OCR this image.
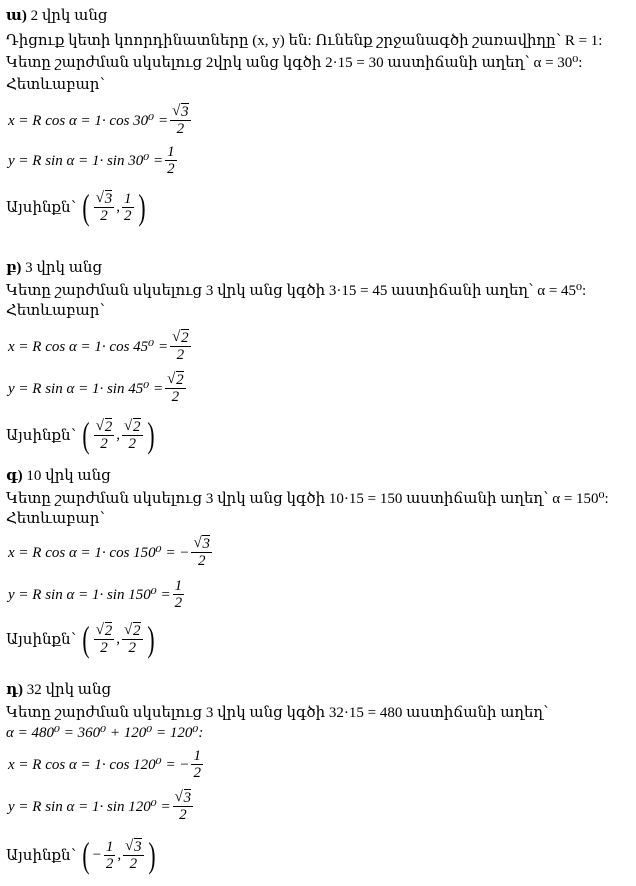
ա) 2 վրկ անց
Դիցուք կետի կոորդինատները (x, y) են: Ունենք շրջանագծի շառավիղը՝ R = 1:
Կետը շարժման սկսելուց 2վրկ անց կգծի 2·15 = 30 աստիճանի աղեղ՝ α = 30⁰:
Հետևաբար՝
x = R cos α = 1· cos 30⁰ = √ $\frac{3}{2}$
y = R $\sin \alpha = 1\cdot \sin 30^0 = \frac{1}{2}$
Այսինքն՝
( √ $\frac{3}{2}$ , $\frac{1}{2}$ )
բ) 3 վրկ անց
Կետը շարժման սկսելուց 3 վրկ անց կգծի 3·15 = 45 աստիճանի աղեղ՝ α = 45⁰:
Հետևաբար՝
x = R cos α = 1· cos 45⁰ = √ $\frac{2}{2}$
y = R sin α = 1· sin 45⁰ = √ $\frac{2}{2}$
Այսինքն՝
( √ $\frac{2}{2}$ , √ $\frac{2}{2}$ )
գ) 10 վրկ անց
Կետը շարժման սկսելուց 3 վրկ անց կգծի 10·15 = 150 աստիճանի աղեղ՝ α = 150⁰:
Հետևաբար՝
x = R cos α = 1· cos 150⁰ = − √ $\frac{3}{2}$
y = R $\sin \alpha = 1\cdot \sin 150^0 = \frac{1}{2}$
Այսինքն՝
( √ $\frac{2}{2}$ , √ $\frac{2}{2}$ )
դ) 32 վրկ անց
Կետը շարժման սկսելուց 3 վրկ անց կգծի 32·15 = 480 աստիճանի աղեղ՝
α = 480⁰ = 360⁰ + 120⁰ = 120⁰:
x = R cos α = 1· cos 120⁰ = − $\frac{1}{2}$
y = R sin α = 1· sin 120⁰ = √ $\frac{3}{2}$
Այսինքն՝
( − $\frac{1}{2}$ , √ $\frac{3}{2}$ )
